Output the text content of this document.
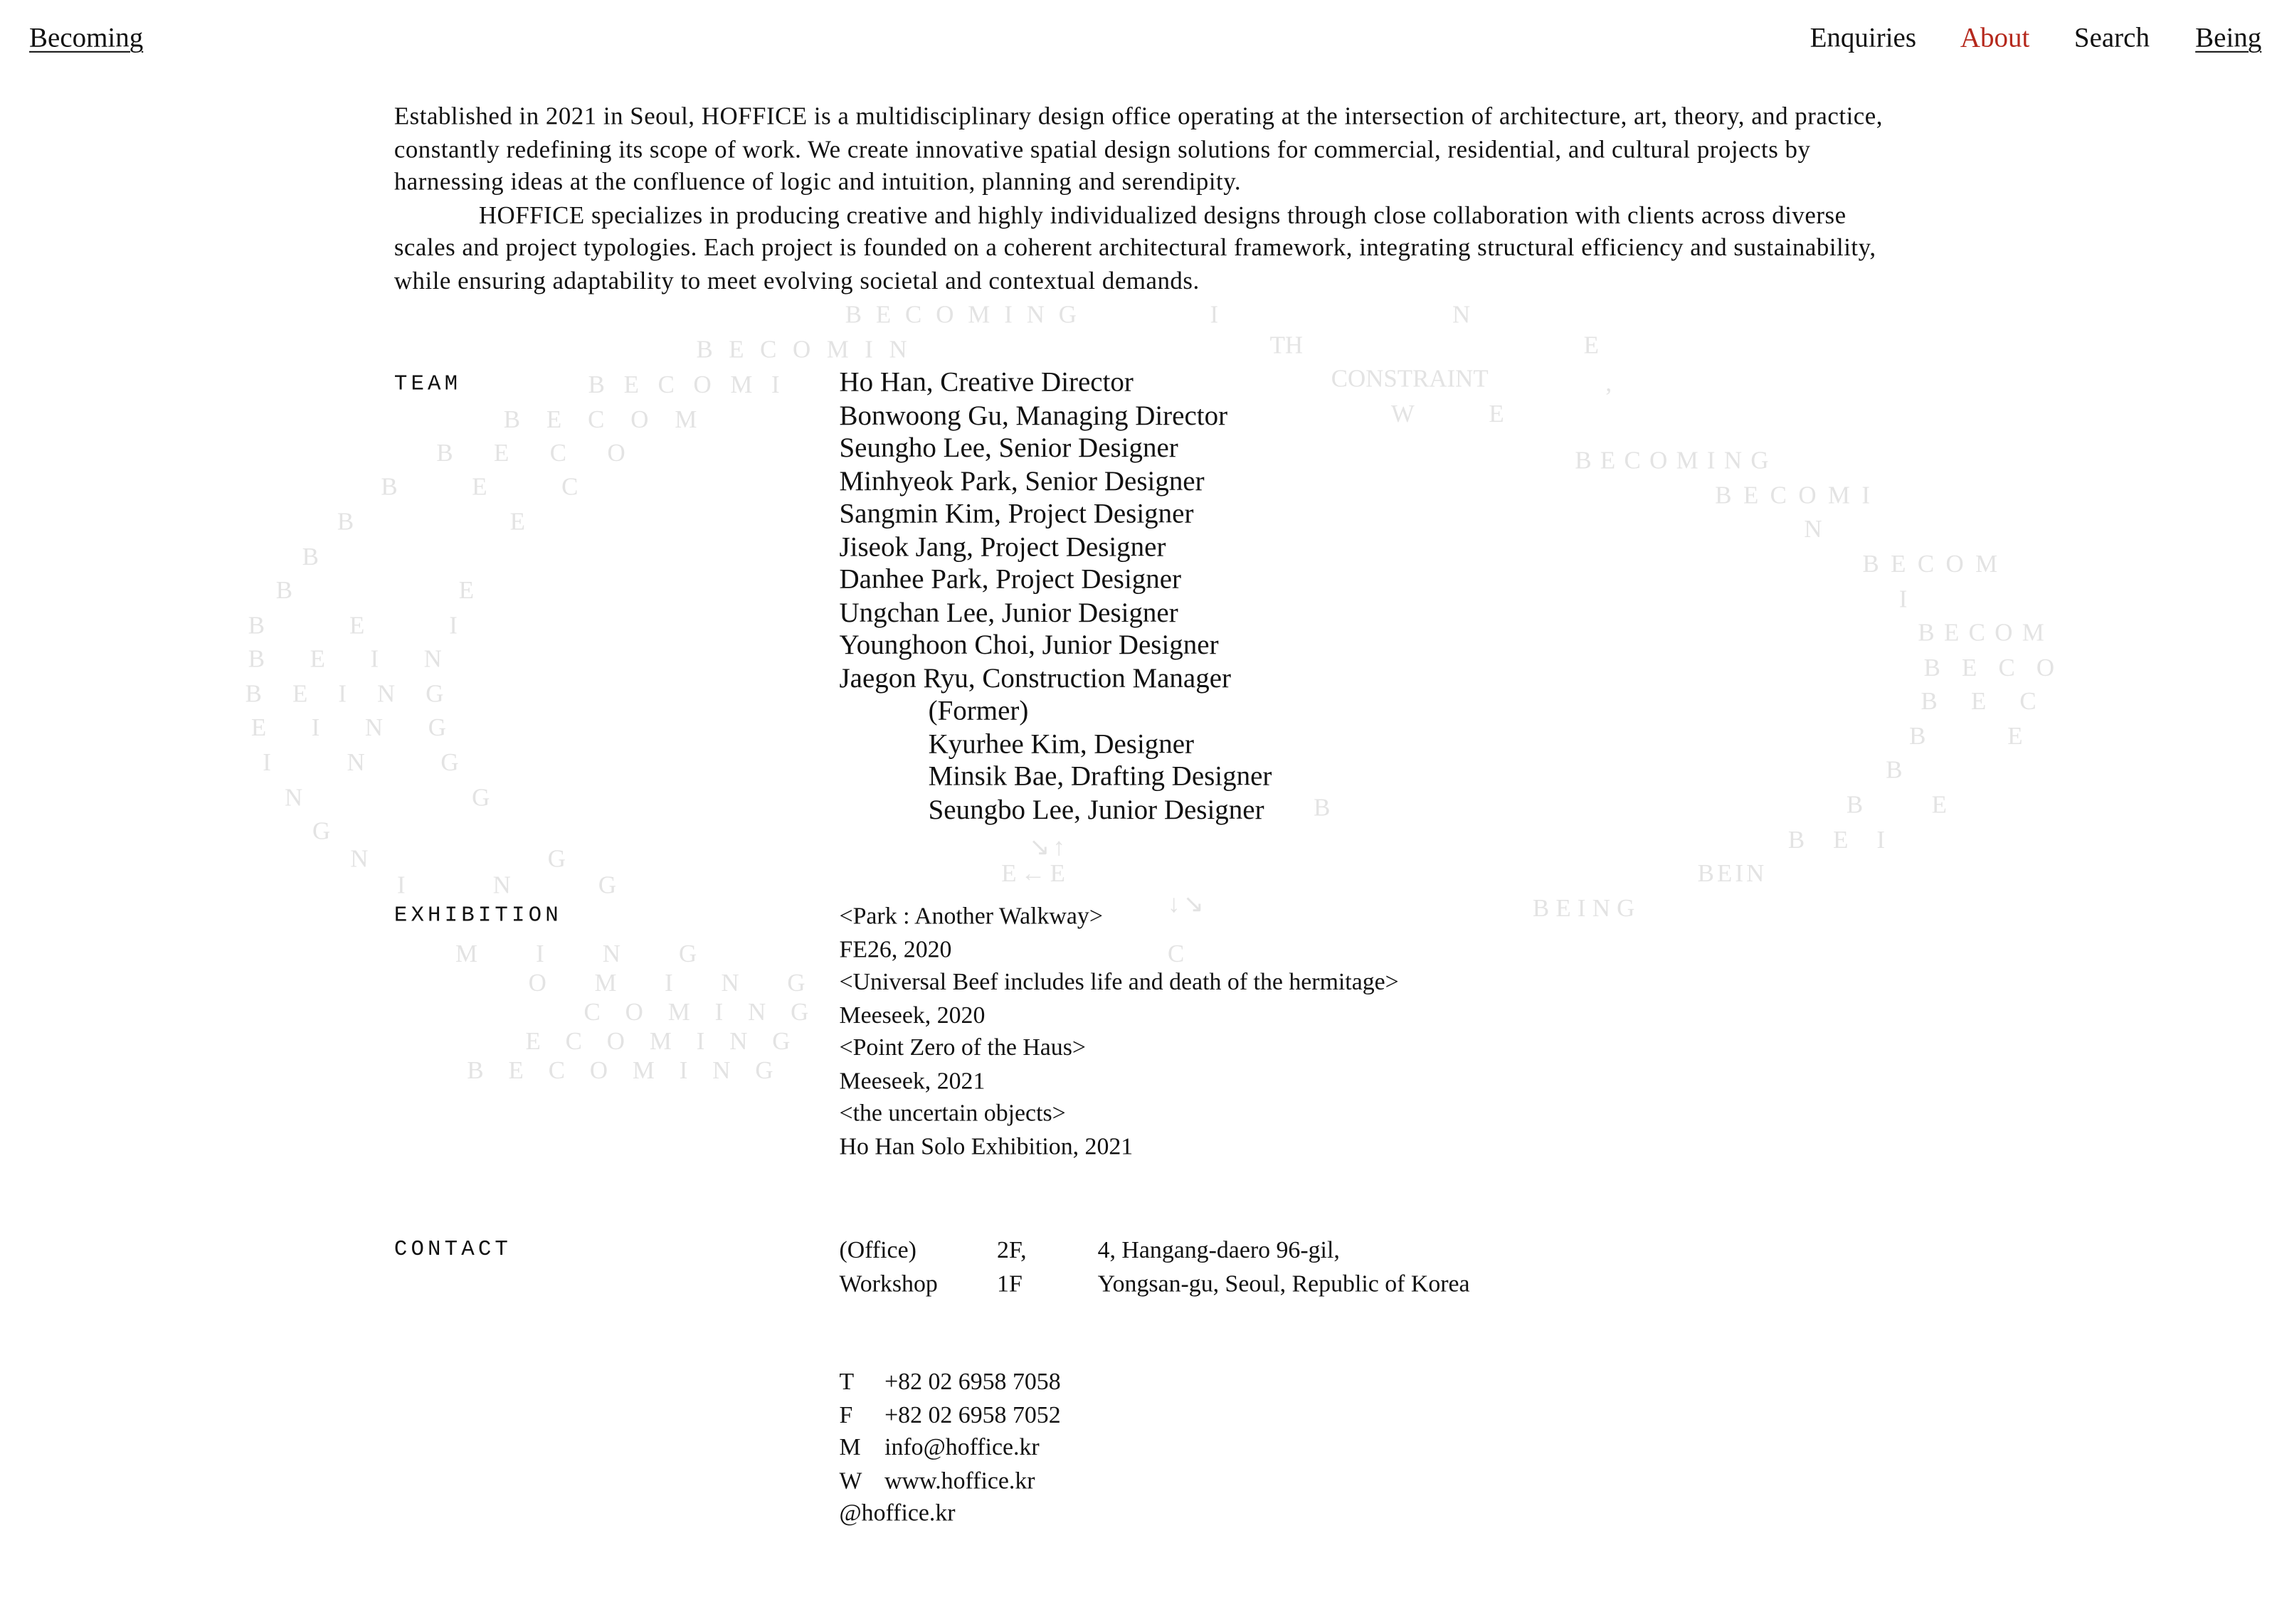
BECOMING	I	N
BECOMIN	TH	E
BECOMI	CONSTRAINT	,
BECOM	W	E
BECO	BECOMING
BEC	BECOMI
BE	N
B	BECOM
BE	I
BEI	BECOM
BEIN	BECO
BEING	BEC
EING	BE
ING	B
NG	BE
G
B
↘↑
E←E
↓↘
C
BEI
NG
BEIN
ING
BEING
MING
OMING
COMING
ECOMING
BECOMING
Becoming	Enquiries	About	Search	Being
Established in 2021 in Seoul, HOFFICE is a multidisciplinary design office operating at the intersection of architecture, art, theory, and practice,
constantly redefining its scope of work. We create innovative spatial design solutions for commercial, residential, and cultural projects by
harnessing ideas at the confluence of logic and intuition, planning and serendipity.
HOFFICE specializes in producing creative and highly individualized designs through close collaboration with clients across diverse
scales and project typologies. Each project is founded on a coherent architectural framework, integrating structural efficiency and sustainability,
while ensuring adaptability to meet evolving societal and contextual demands.
TEAM	Ho Han, Creative Director
Bonwoong Gu, Managing Director
Seungho Lee, Senior Designer
Minhyeok Park, Senior Designer
Sangmin Kim, Project Designer
Jiseok Jang, Project Designer
Danhee Park, Project Designer
Ungchan Lee, Junior Designer
Younghoon Choi, Junior Designer
Jaegon Ryu, Construction Manager
(Former)
Kyurhee Kim, Designer
Minsik Bae, Drafting Designer
Seungbo Lee, Junior Designer
EXHIBITION	<Park : Another Walkway>
FE26, 2020
<Universal Beef includes life and death of the hermitage>
Meeseek, 2020
<Point Zero of the Haus>
Meeseek, 2021
<the uncertain objects>
Ho Han Solo Exhibition, 2021
CONTACT	(Office)	2F,	4, Hangang-daero 96-gil,
Workshop	1F	Yongsan-gu, Seoul, Republic of Korea
T	+82 02 6958 7058
F	+82 02 6958 7052
M info@hoffice.kr
W www.hoffice.kr
@hoffice.kr
